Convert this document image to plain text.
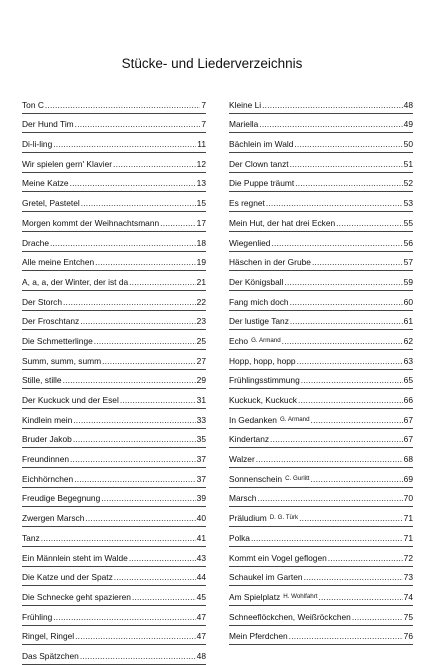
Stücke- und Liederverzeichnis
Ton C .....	7
Der Hund Tim .....	7
Di-li-ling .....	11
Wir spielen gern' Klavier .....	12
Meine Katze .....	13
Gretel, Pastetel .....	15
Morgen kommt der Weihnachtsmann .....	17
Drache .....	18
Alle meine Entchen .....	19
A, a, a, der Winter, der ist da .....	21
Der Storch .....	22
Der Froschtanz .....	23
Die Schmetterlinge .....	25
Summ, summ, summ .....	27
Stille, stille .....	29
Der Kuckuck und der Esel .....	31
Kindlein mein .....	33
Bruder Jakob .....	35
Freundinnen .....	37
Eichhörnchen .....	37
Freudige Begegnung .....	39
Zwergen Marsch .....	40
Tanz .....	41
Ein Männlein steht im Walde .....	43
Die Katze und der Spatz .....	44
Die Schnecke geht spazieren .....	45
Frühling .....	47
Ringel, Ringel .....	47
Das Spätzchen .....	48
Kleine Li .....	48
Mariella .....	49
Bächlein im Wald .....	50
Der Clown tanzt .....	51
Die Puppe träumt .....	52
Es regnet .....	53
Mein Hut, der hat drei Ecken .....	55
Wiegenlied .....	56
Häschen in der Grube .....	57
Der Königsball .....	59
Fang mich doch .....	60
Der lustige Tanz .....	61
Echo G. Armand .....	62
Hopp, hopp, hopp .....	63
Frühlingsstimmung .....	65
Kuckuck, Kuckuck .....	66
In Gedanken G. Armand .....	67
Kindertanz .....	67
Walzer .....	68
Sonnenschein C. Gurlitt .....	69
Marsch .....	70
Präludium D. G. Türk .....	71
Polka .....	71
Kommt ein Vogel geflogen .....	72
Schaukel im Garten .....	73
Am Spielplatz H. Wohlfahrt .....	74
Schneeflöckchen, Weißröckchen .....	75
Mein Pferdchen .....	76
